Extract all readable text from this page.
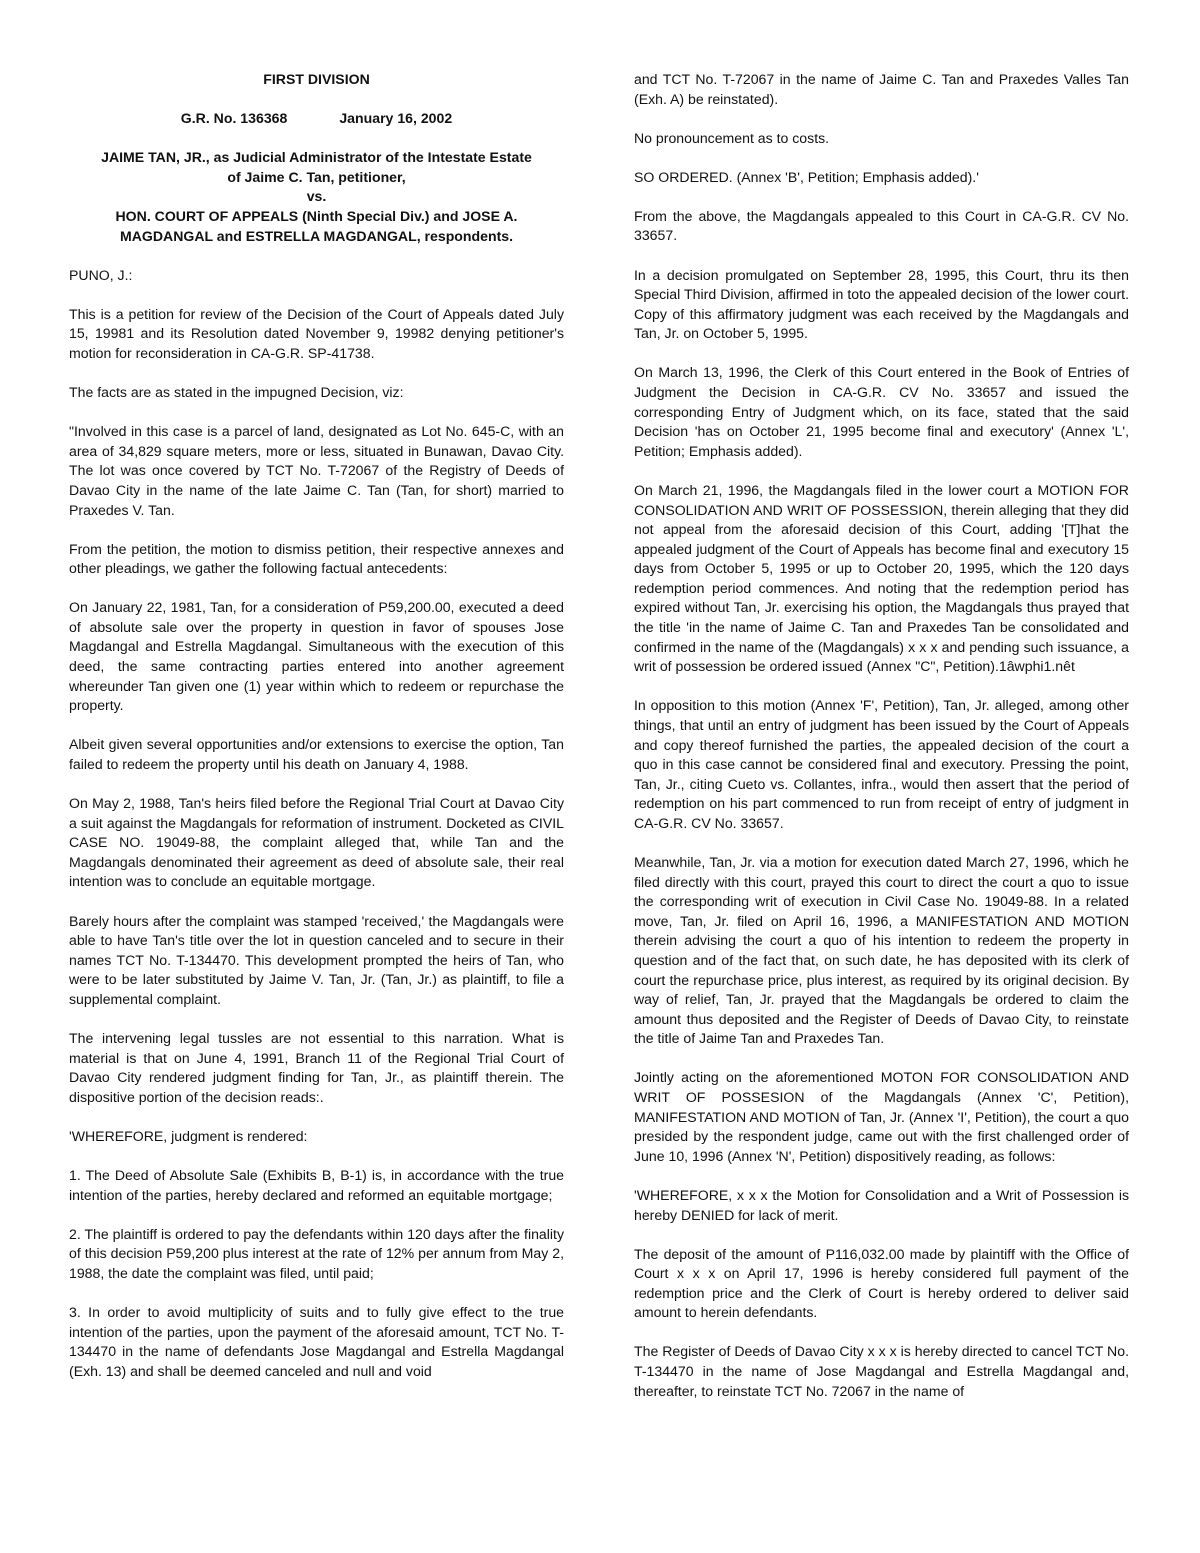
FIRST DIVISION

G.R. No. 136368	January 16, 2002
JAIME TAN, JR., as Judicial Administrator of the Intestate Estate
of Jaime C. Tan, petitioner,
vs.
HON. COURT OF APPEALS (Ninth Special Div.) and JOSE A.
MAGDANGAL and ESTRELLA MAGDANGAL, respondents.

PUNO, J.:

This is a petition for review of the Decision of the Court of Appeals dated July 15, 19981 and its Resolution dated November 9, 19982 denying petitioner's motion for reconsideration in CA-G.R. SP-41738.

The facts are as stated in the impugned Decision, viz:

"Involved in this case is a parcel of land, designated as Lot No. 645-C, with an area of 34,829 square meters, more or less, situated in Bunawan, Davao City. The lot was once covered by TCT No. T-72067 of the Registry of Deeds of Davao City in the name of the late Jaime C. Tan (Tan, for short) married to Praxedes V. Tan.

From the petition, the motion to dismiss petition, their respective annexes and other pleadings, we gather the following factual antecedents:

On January 22, 1981, Tan, for a consideration of P59,200.00, executed a deed of absolute sale over the property in question in favor of spouses Jose Magdangal and Estrella Magdangal. Simultaneous with the execution of this deed, the same contracting parties entered into another agreement whereunder Tan given one (1) year within which to redeem or repurchase the property.

Albeit given several opportunities and/or extensions to exercise the option, Tan failed to redeem the property until his death on January 4, 1988.

On May 2, 1988, Tan's heirs filed before the Regional Trial Court at Davao City a suit against the Magdangals for reformation of instrument. Docketed as CIVIL CASE NO. 19049-88, the complaint alleged that, while Tan and the Magdangals denominated their agreement as deed of absolute sale, their real intention was to conclude an equitable mortgage.

Barely hours after the complaint was stamped 'received,' the Magdangals were able to have Tan's title over the lot in question canceled and to secure in their names TCT No. T-134470. This development prompted the heirs of Tan, who were to be later substituted by Jaime V. Tan, Jr. (Tan, Jr.) as plaintiff, to file a supplemental complaint.

The intervening legal tussles are not essential to this narration. What is material is that on June 4, 1991, Branch 11 of the Regional Trial Court of Davao City rendered judgment finding for Tan, Jr., as plaintiff therein. The dispositive portion of the decision reads:.

'WHEREFORE, judgment is rendered:

1. The Deed of Absolute Sale (Exhibits B, B-1) is, in accordance with the true intention of the parties, hereby declared and reformed an equitable mortgage;

2. The plaintiff is ordered to pay the defendants within 120 days after the finality of this decision P59,200 plus interest at the rate of 12% per annum from May 2, 1988, the date the complaint was filed, until paid;

3. In order to avoid multiplicity of suits and to fully give effect to the true intention of the parties, upon the payment of the aforesaid amount, TCT No. T-134470 in the name of defendants Jose Magdangal and Estrella Magdangal (Exh. 13) and shall be deemed canceled and null and void

and TCT No. T-72067 in the name of Jaime C. Tan and Praxedes Valles Tan (Exh. A) be reinstated).

No pronouncement as to costs.

SO ORDERED. (Annex 'B', Petition; Emphasis added).'

From the above, the Magdangals appealed to this Court in CA-G.R. CV No. 33657.

In a decision promulgated on September 28, 1995, this Court, thru its then Special Third Division, affirmed in toto the appealed decision of the lower court. Copy of this affirmatory judgment was each received by the Magdangals and Tan, Jr. on October 5, 1995.

On March 13, 1996, the Clerk of this Court entered in the Book of Entries of Judgment the Decision in CA-G.R. CV No. 33657 and issued the corresponding Entry of Judgment which, on its face, stated that the said Decision 'has on October 21, 1995 become final and executory' (Annex 'L', Petition; Emphasis added).

On March 21, 1996, the Magdangals filed in the lower court a MOTION FOR CONSOLIDATION AND WRIT OF POSSESSION, therein alleging that they did not appeal from the aforesaid decision of this Court, adding '[T]hat the appealed judgment of the Court of Appeals has become final and executory 15 days from October 5, 1995 or up to October 20, 1995, which the 120 days redemption period commences. And noting that the redemption period has expired without Tan, Jr. exercising his option, the Magdangals thus prayed that the title 'in the name of Jaime C. Tan and Praxedes Tan be consolidated and confirmed in the name of the (Magdangals) x x x and pending such issuance, a writ of possession be ordered issued (Annex "C", Petition).1âwphi1.nêt

In opposition to this motion (Annex 'F', Petition), Tan, Jr. alleged, among other things, that until an entry of judgment has been issued by the Court of Appeals and copy thereof furnished the parties, the appealed decision of the court a quo in this case cannot be considered final and executory. Pressing the point, Tan, Jr., citing Cueto vs. Collantes, infra., would then assert that the period of redemption on his part commenced to run from receipt of entry of judgment in CA-G.R. CV No. 33657.

Meanwhile, Tan, Jr. via a motion for execution dated March 27, 1996, which he filed directly with this court, prayed this court to direct the court a quo to issue the corresponding writ of execution in Civil Case No. 19049-88. In a related move, Tan, Jr. filed on April 16, 1996, a MANIFESTATION AND MOTION therein advising the court a quo of his intention to redeem the property in question and of the fact that, on such date, he has deposited with its clerk of court the repurchase price, plus interest, as required by its original decision. By way of relief, Tan, Jr. prayed that the Magdangals be ordered to claim the amount thus deposited and the Register of Deeds of Davao City, to reinstate the title of Jaime Tan and Praxedes Tan.

Jointly acting on the aforementioned MOTON FOR CONSOLIDATION AND WRIT OF POSSESION of the Magdangals (Annex 'C', Petition), MANIFESTATION AND MOTION of Tan, Jr. (Annex 'I', Petition), the court a quo presided by the respondent judge, came out with the first challenged order of June 10, 1996 (Annex 'N', Petition) dispositively reading, as follows:

'WHEREFORE, x x x the Motion for Consolidation and a Writ of Possession is hereby DENIED for lack of merit.

The deposit of the amount of P116,032.00 made by plaintiff with the Office of Court x x x on April 17, 1996 is hereby considered full payment of the redemption price and the Clerk of Court is hereby ordered to deliver said amount to herein defendants.

The Register of Deeds of Davao City x x x is hereby directed to cancel TCT No. T-134470 in the name of Jose Magdangal and Estrella Magdangal and, thereafter, to reinstate TCT No. 72067 in the name of
